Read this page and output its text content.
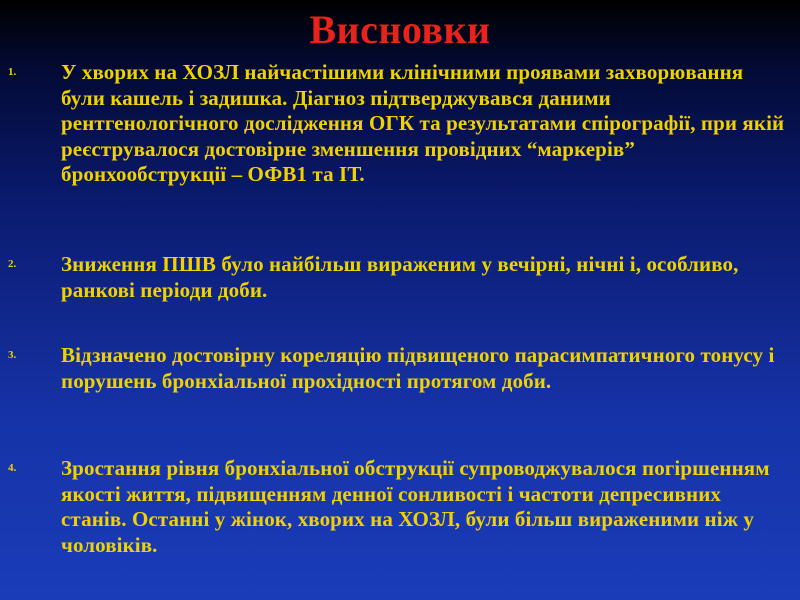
Висновки
1. У хворих на ХОЗЛ найчастішими клінічними проявами захворювання були кашель і задишка. Діагноз підтверджувався даними рентгенологічного дослідження ОГК та результатами спірографії, при якій реєструвалося достовірне зменшення провідних “маркерів” бронхообструкції – ОФВ1 та ІТ.
2. Зниження ПШВ було найбільш вираженим у вечірні, нічні і, особливо, ранкові періоди доби.
3. Відзначено достовірну кореляцію підвищеного парасимпатичного тонусу і порушень бронхіальної прохідності протягом доби.
4. Зростання рівня бронхіальної обструкції супроводжувалося погіршенням якості життя, підвищенням денної сонливості і частоти депресивних станів. Останні у жінок, хворих на ХОЗЛ, були більш вираженими ніж у чоловіків.
